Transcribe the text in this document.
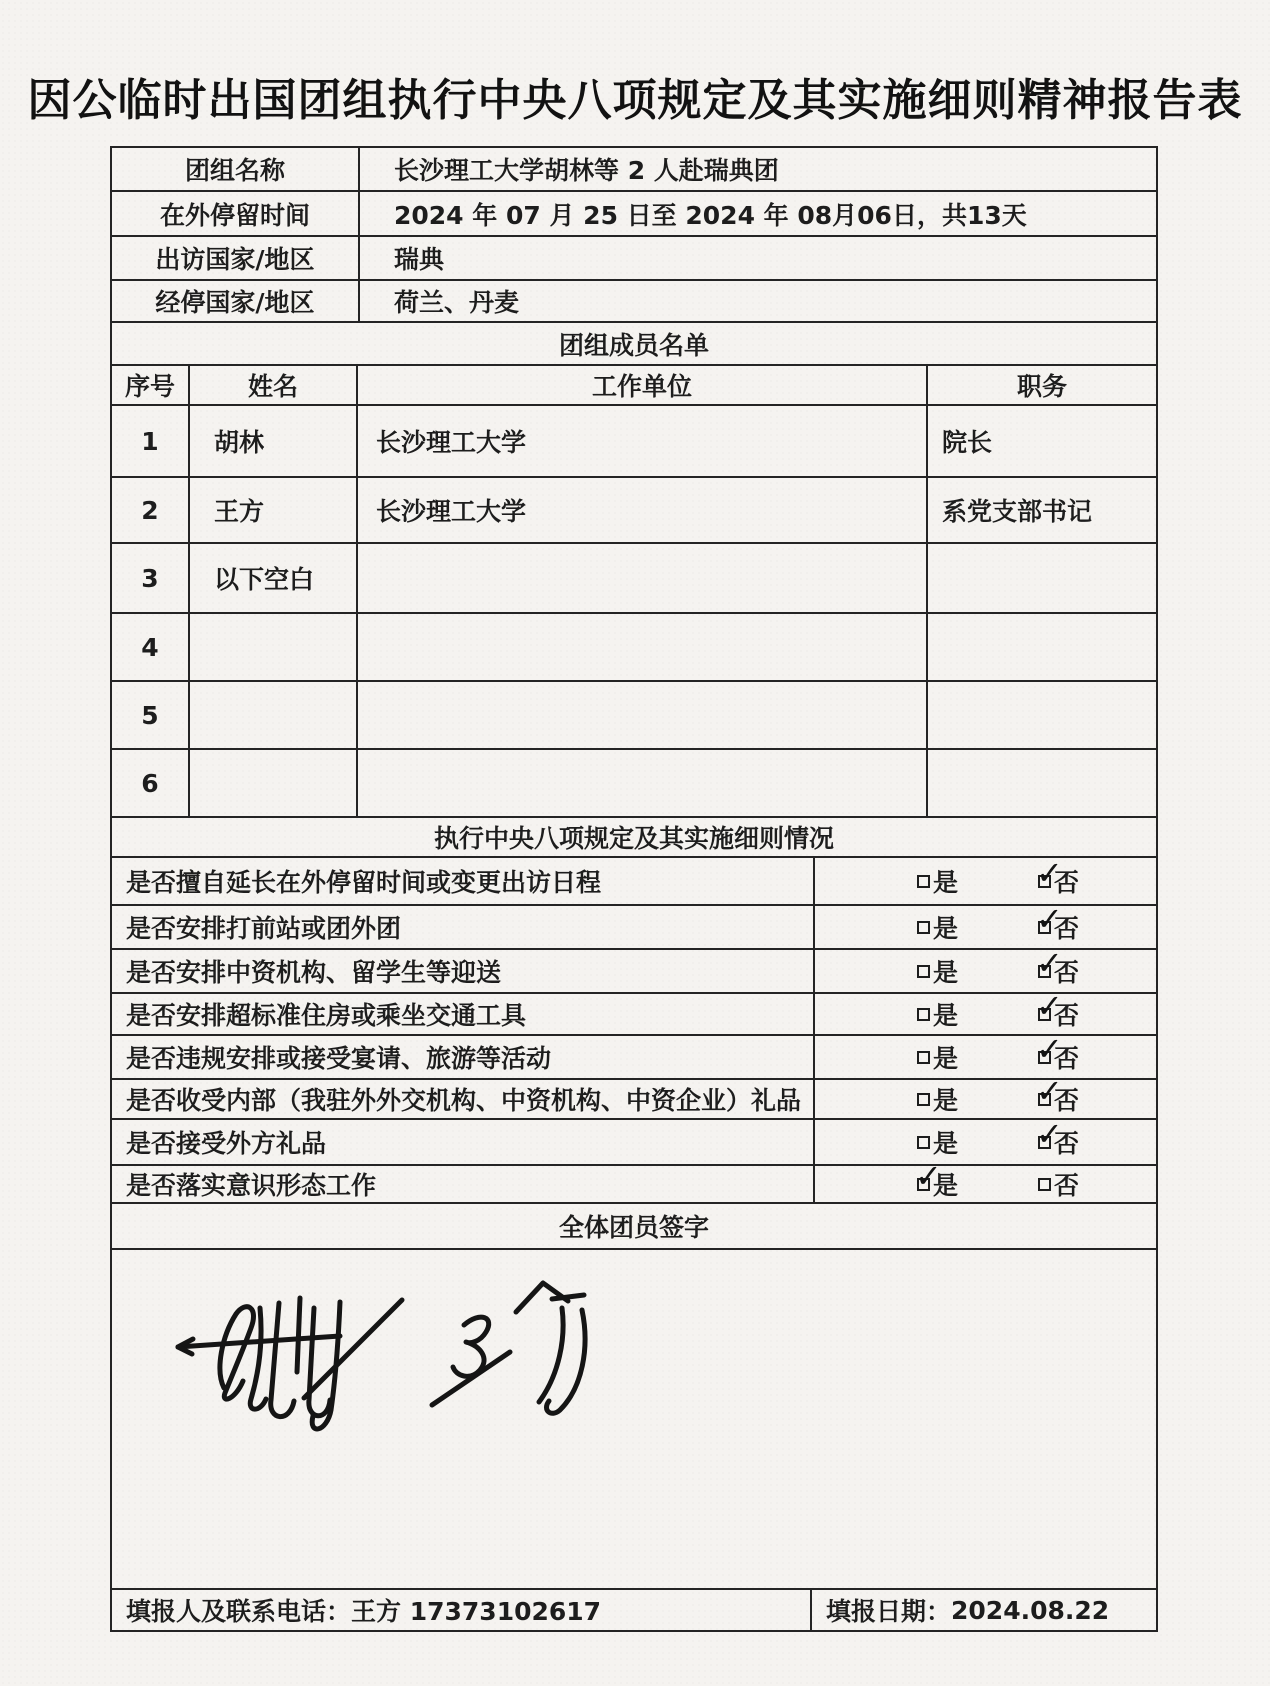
因公临时出国团组执行中央八项规定及其实施细则精神报告表
团组名称	长沙理工大学胡林等 2 人赴瑞典团
在外停留时间	2024 年 07 月 25 日至 2024 年 08月06日，共13天
出访国家/地区	瑞典
经停国家/地区	荷兰、丹麦
团组成员名单
序号	姓名	工作单位	职务
1	胡林	长沙理工大学	院长
2	王方	长沙理工大学	系党支部书记
3	以下空白
4
5
6
执行中央八项规定及其实施细则情况
是否擅自延长在外停留时间或变更出访日程	是 ✓	否
是否安排打前站或团外团	是 ✓	否
是否安排中资机构、留学生等迎送	是 ✓	否
是否安排超标准住房或乘坐交通工具	是 ✓	否
是否违规安排或接受宴请、旅游等活动	是 ✓	否
是否收受内部（我驻外外交机构、中资机构、中资企业）礼品	是 ✓	否
是否接受外方礼品	是 ✓	否
是否落实意识形态工作 ✓	是	否
全体团员签字
填报人及联系电话： 王方 17373102617	填报日期： 2024.08.22
